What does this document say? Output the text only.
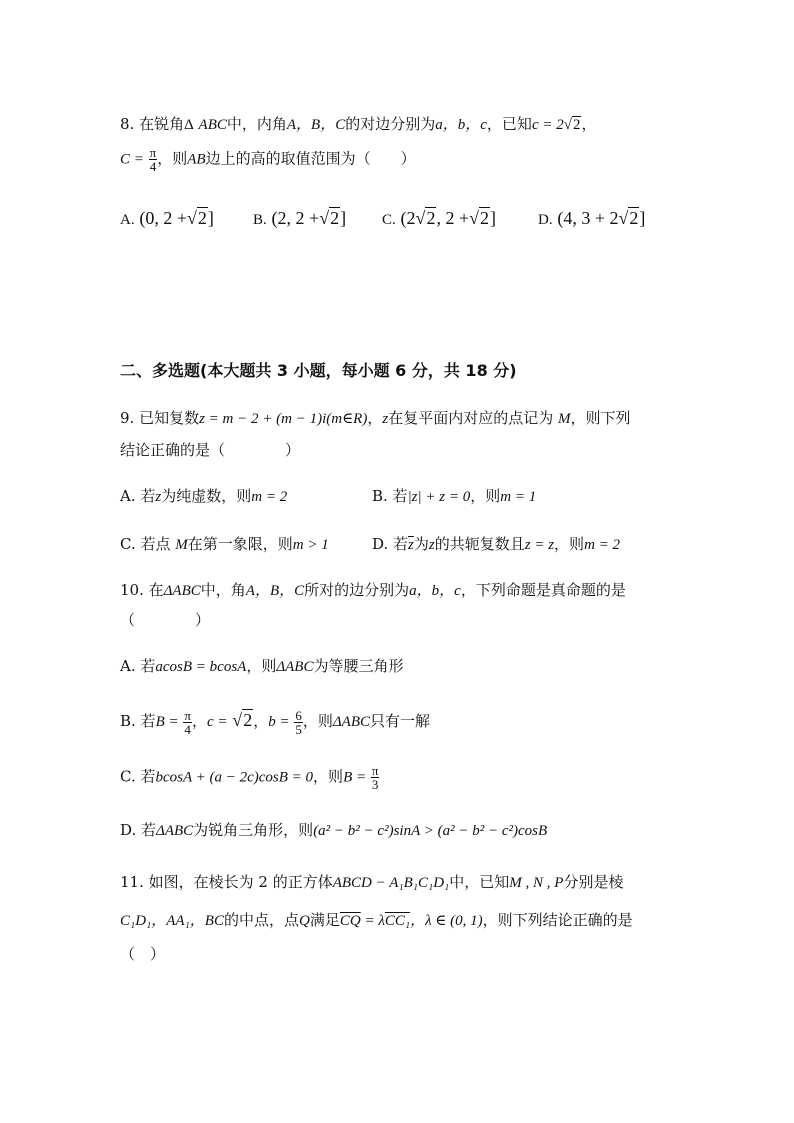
8. 在锐角Δ ABC中，内角A，B，C的对边分别为a，b，c，已知c = 2√2，
$C = \frac{\pi}{4}$ ，则AB边上的高的取值范围为（　　）
A. (0, 2 +√2]	B. (2, 2 +√2] C. (2√2, 2 +√2]	D. (4, 3 + 2√2]
二、多选题(本大题共 3 小题，每小题 6 分，共 18 分)
9. 已知复数z = m − 2 + (m − 1)i(m∈R)，z在复平面内对应的点记为 M，则下列
结论正确的是（　　　　）
A. 若z为纯虚数，则m = 2	B. 若|z| + z = 0，则m = 1
C. 若点 M在第一象限，则m > 1	D. 若$\overline{z}$为z的共轭复数且z = z，则m = 2
10. 在ΔABC中，角A，B，C所对的边分别为a，b，c，下列命题是真命题的是
（　　　　）
A. 若acosB = bcosA，则ΔABC为等腰三角形
B. 若$B = \frac{\pi}{4}$ ，c = √2，$b = \frac{6}{5}$ ，则ΔABC只有一解
C. 若bcosA + (a − 2c)cosB = 0，则$B = \frac{\pi}{3}$
D. 若ΔABC为锐角三角形，则(a² − b² − c²)sinA > (a² − b² − c²)cosB
11. 如图，在棱长为 2 的正方体ABCD − A₁B₁C₁D₁中，已知M , N , P分别是棱
C₁D₁，AA₁，BC的中点，点Q满足$\overline{CQ} = \lambda CC_1$，λ ∈ (0, 1)，则下列结论正确的是
（　）
